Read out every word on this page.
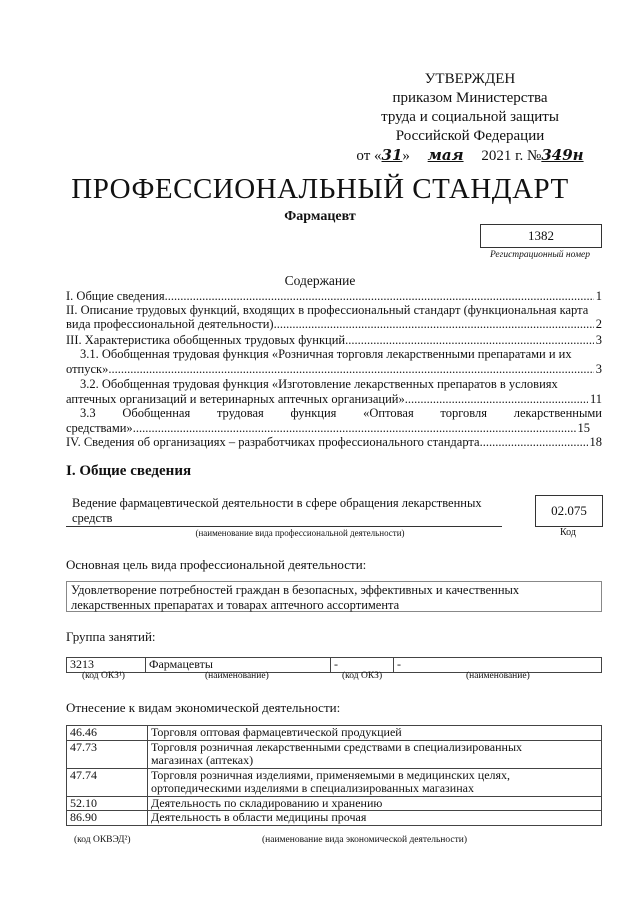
УТВЕРЖДЕН
приказом Министерства
труда и социальной защиты
Российской Федерации
от «31» мая 2021 г. №349н
ПРОФЕССИОНАЛЬНЫЙ СТАНДАРТ
Фармацевт
1382
Регистрационный номер
Содержание
I. Общие сведения .....	1
II. Описание трудовых функций, входящих в профессиональный стандарт (функциональная карта
вида профессиональной деятельности) .....	2
III. Характеристика обобщенных трудовых функций .....	3
3.1. Обобщенная трудовая функция «Розничная торговля лекарственными препаратами и их
отпуск» .....	3
3.2. Обобщенная трудовая функция «Изготовление лекарственных препаратов в условиях
аптечных организаций и ветеринарных аптечных организаций» .....	11
3.3 Обобщенная трудовая функция «Оптовая торговля лекарственными
средствами» .....	15
IV. Сведения об организациях – разработчиках профессионального стандарта .....	18
I. Общие сведения
Ведение фармацевтической деятельности в сфере обращения лекарственных средств
(наименование вида профессиональной деятельности)
02.075
Код
Основная цель вида профессиональной деятельности:
Удовлетворение потребностей граждан в безопасных, эффективных и качественных лекарственных препаратах и товарах аптечного ассортимента
Группа занятий:
3213	Фармацевты	-	-
(код ОКЗ¹)	(наименование)	(код ОКЗ)	(наименование)
Отнесение к видам экономической деятельности:
46.46	Торговля оптовая фармацевтической продукцией
47.73	Торговля розничная лекарственными средствами в специализированных магазинах (аптеках)
47.74	Торговля розничная изделиями, применяемыми в медицинских целях, ортопедическими изделиями в специализированных магазинах
52.10	Деятельность по складированию и хранению
86.90	Деятельность в области медицины прочая
(код ОКВЭД²)	(наименование вида экономической деятельности)
